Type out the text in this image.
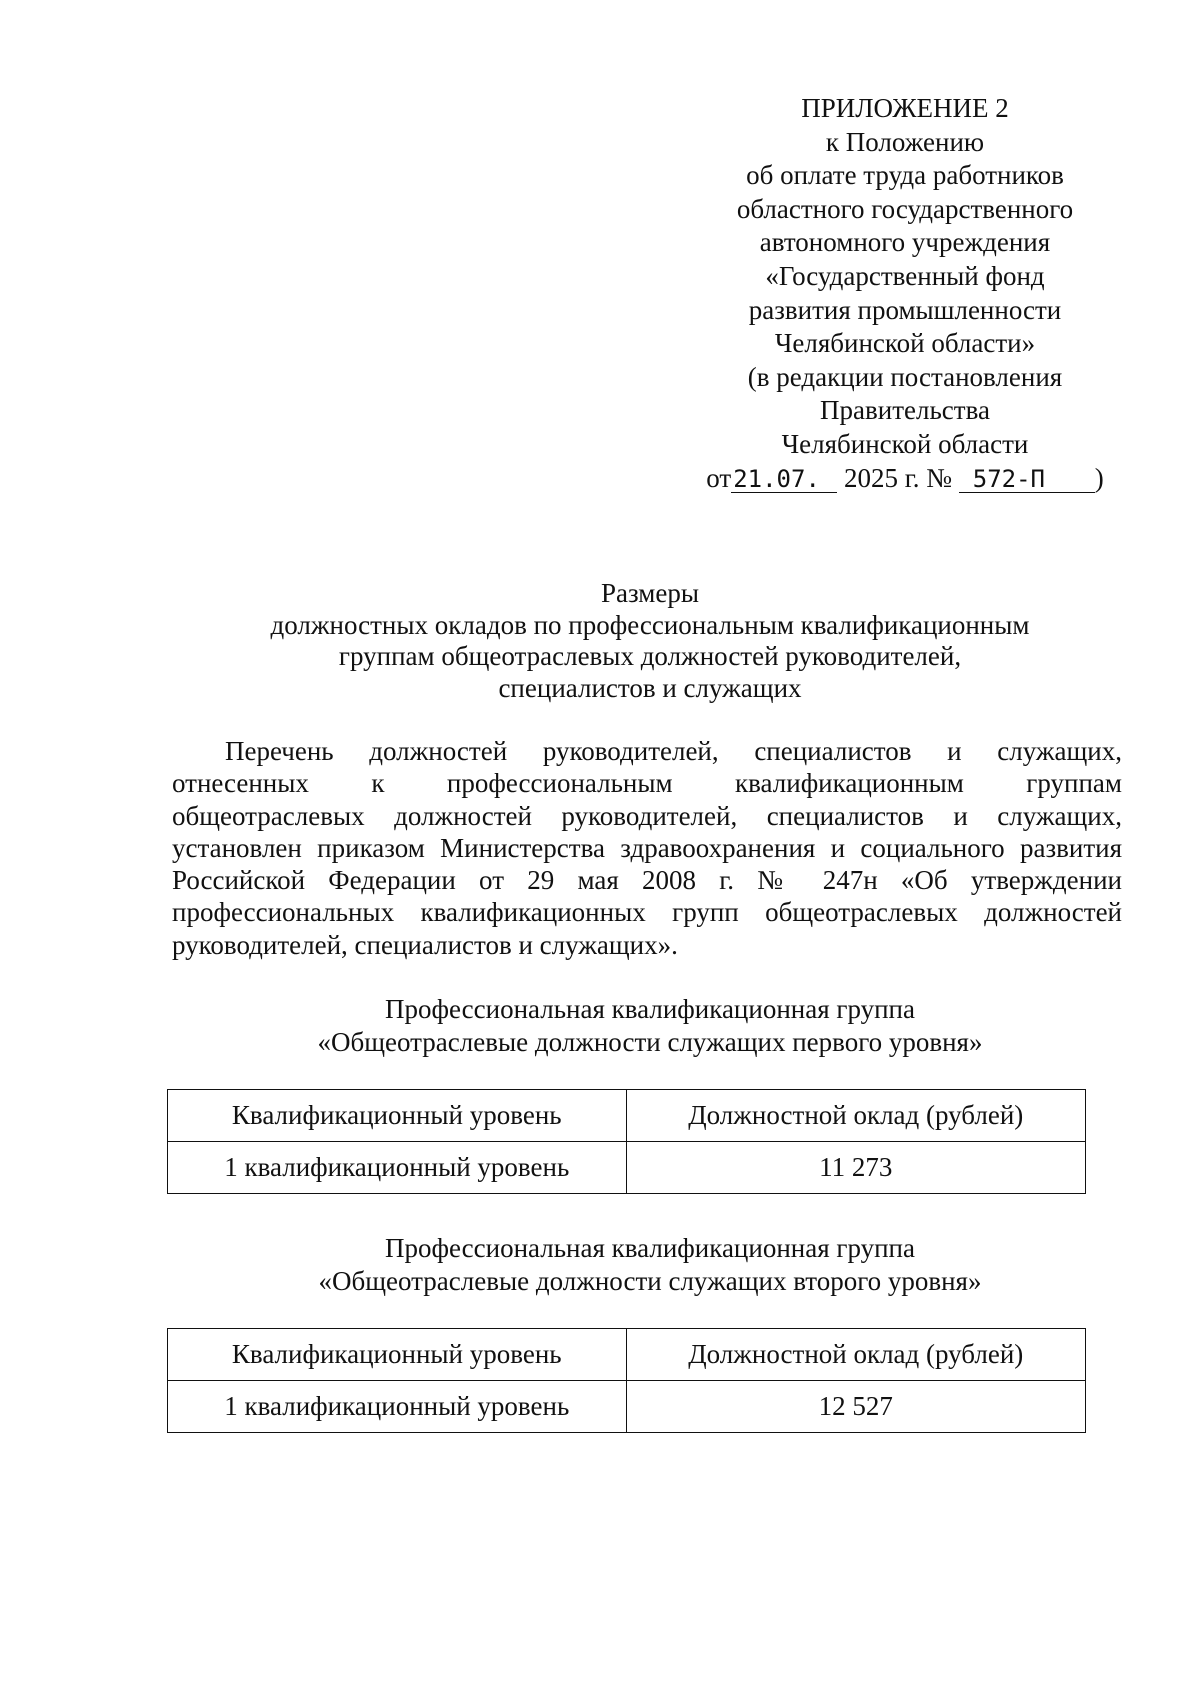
ПРИЛОЖЕНИЕ 2
к Положению
об оплате труда работников
областного государственного
автономного учреждения
«Государственный фонд
развития промышленности
Челябинской области»
(в редакции постановления
Правительства
Челябинской области
от21.07. 2025 г. № 572-П )
Размеры
должностных окладов по профессиональным квалификационным
группам общеотраслевых должностей руководителей,
специалистов и служащих
Перечень должностей руководителей, специалистов и служащих,
отнесенных к профессиональным квалификационным группам
общеотраслевых должностей руководителей, специалистов и служащих,
установлен приказом Министерства здравоохранения и социального развития
Российской Федерации от 29 мая 2008 г. № 247н «Об утверждении
профессиональных квалификационных групп общеотраслевых должностей
руководителей, специалистов и служащих».
Профессиональная квалификационная группа
«Общеотраслевые должности служащих первого уровня»
Квалификационный уровень	Должностной оклад (рублей)
1 квалификационный уровень	11 273
Профессиональная квалификационная группа
«Общеотраслевые должности служащих второго уровня»
Квалификационный уровень	Должностной оклад (рублей)
1 квалификационный уровень	12 527
